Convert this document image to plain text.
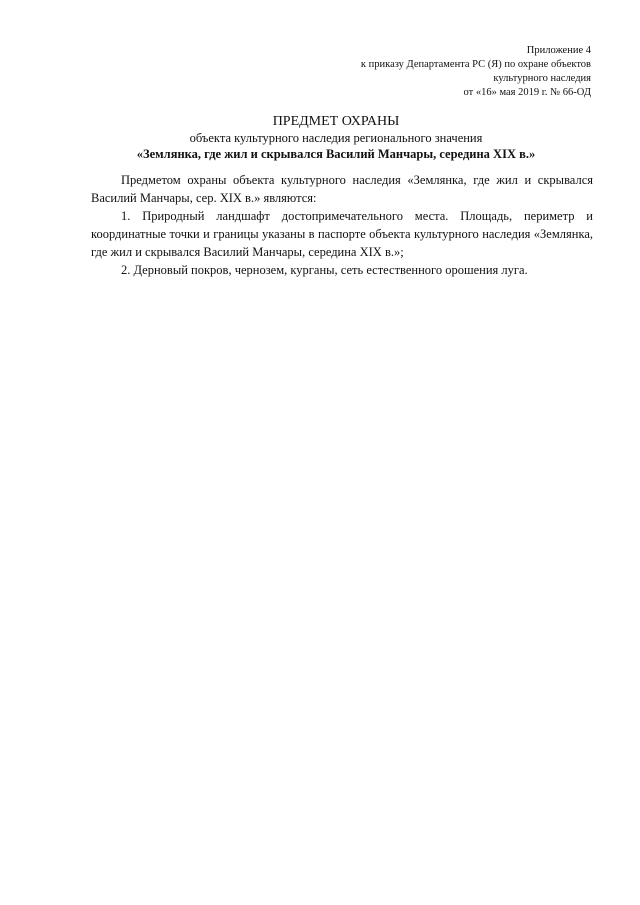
Приложение 4
к приказу Департамента РС (Я) по охране объектов
культурного наследия
от «16» мая 2019 г. № 66-ОД
ПРЕДМЕТ ОХРАНЫ
объекта культурного наследия регионального значения
«Землянка, где жил и скрывался Василий Манчары, середина XIX в.»

Предметом охраны объекта культурного наследия «Землянка, где жил и скрывался Василий Манчары, сер. XIX в.» являются:

1. Природный ландшафт достопримечательного места. Площадь, периметр и координатные точки и границы указаны в паспорте объекта культурного наследия «Землянка, где жил и скрывался Василий Манчары, середина XIX в.»;

2. Дерновый покров, чернозем, курганы, сеть естественного орошения луга.
